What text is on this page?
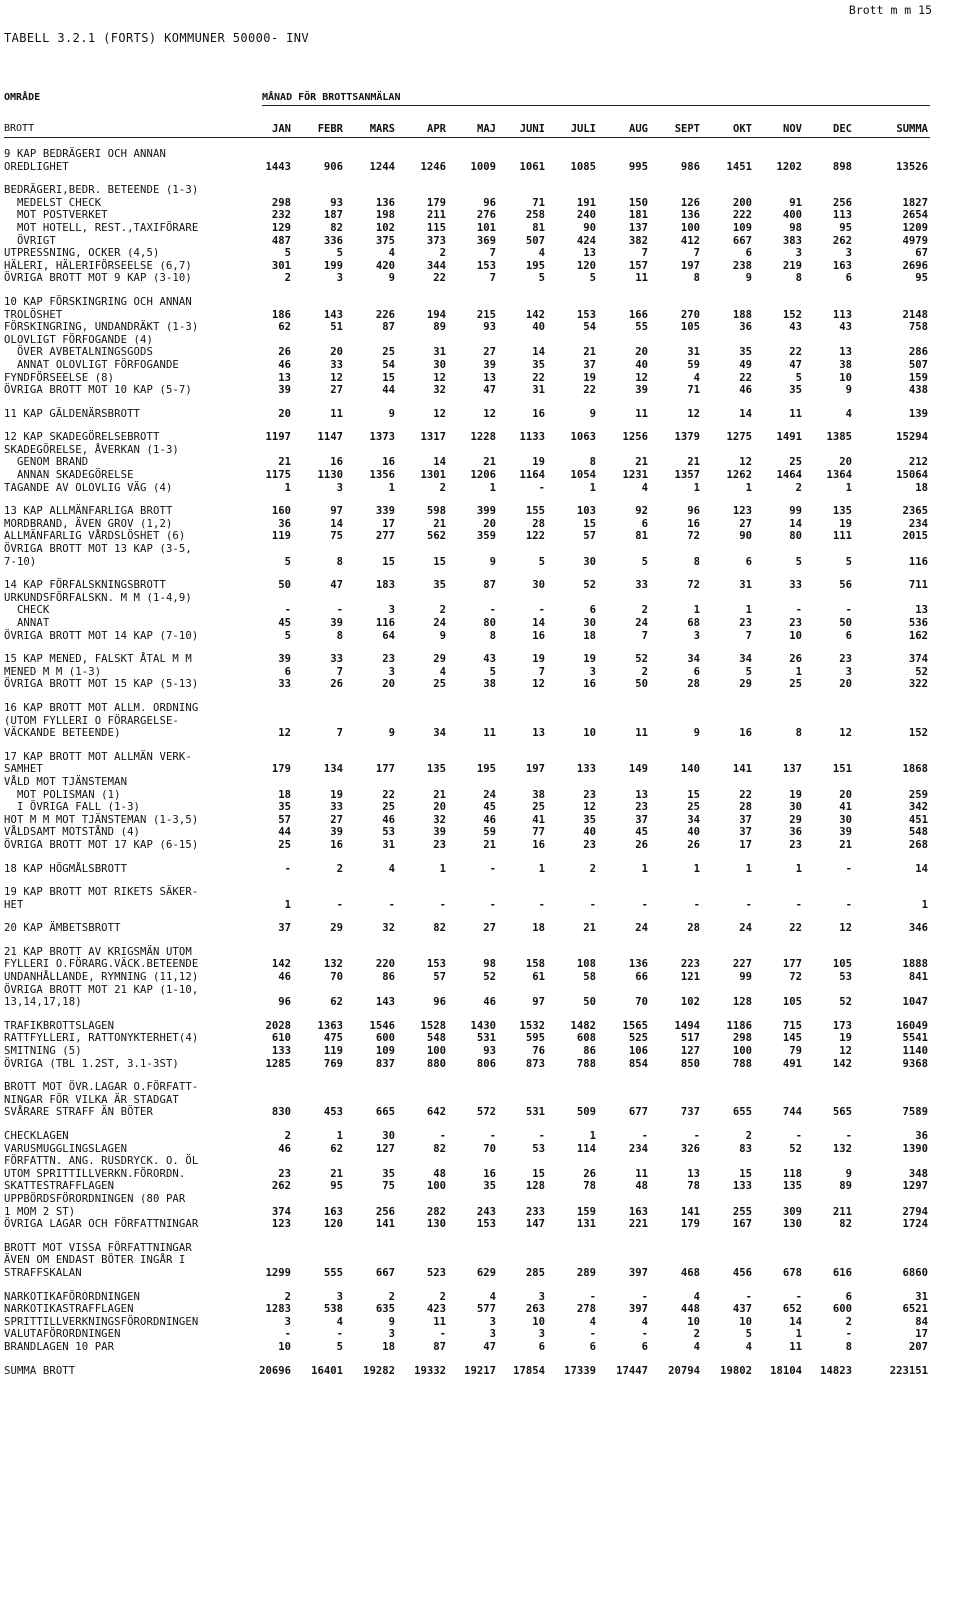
Brott m m 15
TABELL 3.2.1 (FORTS) KOMMUNER 50000- INV
OMRÅDE	MÅNAD FÖR BROTTSANMÄLAN
BROTT	JAN	FEBR	MARS	APR	MAJ	JUNI	JULI	AUG	SEPT	OKT	NOV	DEC	SUMMA
9 KAP BEDRÄGERI OCH ANNAN
OREDLIGHET	1443	906	1244	1246	1009	1061	1085	995	986	1451	1202	898	13526
BEDRÄGERI,BEDR. BETEENDE (1-3)
MEDELST CHECK	298	93	136	179	96	71	191	150	126	200	91	256	1827
MOT POSTVERKET	232	187	198	211	276	258	240	181	136	222	400	113	2654
MOT HOTELL, REST.,TAXIFÖRARE	129	82	102	115	101	81	90	137	100	109	98	95	1209
ÖVRIGT	487	336	375	373	369	507	424	382	412	667	383	262	4979
UTPRESSNING, OCKER (4,5)	5	5	4	2	7	4	13	7	7	6	3	3	67
HÄLERI, HÄLERIFÖRSEELSE (6,7)	301	199	420	344	153	195	120	157	197	238	219	163	2696
ÖVRIGA BROTT MOT 9 KAP (3-10)	2	3	9	22	7	5	5	11	8	9	8	6	95
10 KAP FÖRSKINGRING OCH ANNAN
TROLÖSHET	186	143	226	194	215	142	153	166	270	188	152	113	2148
FÖRSKINGRING, UNDANDRÄKT (1-3)	62	51	87	89	93	40	54	55	105	36	43	43	758
OLOVLIGT FÖRFOGANDE (4)
ÖVER AVBETALNINGSGODS	26	20	25	31	27	14	21	20	31	35	22	13	286
ANNAT OLOVLIGT FÖRFOGANDE	46	33	54	30	39	35	37	40	59	49	47	38	507
FYNDFÖRSEELSE (8)	13	12	15	12	13	22	19	12	4	22	5	10	159
ÖVRIGA BROTT MOT 10 KAP (5-7)	39	27	44	32	47	31	22	39	71	46	35	9	438
11 KAP GÄLDENÄRSBROTT	20	11	9	12	12	16	9	11	12	14	11	4	139
12 KAP SKADEGÖRELSEBROTT	1197	1147	1373	1317	1228	1133	1063	1256	1379	1275	1491	1385	15294
SKADEGÖRELSE, ÅVERKAN (1-3)
GENOM BRAND	21	16	16	14	21	19	8	21	21	12	25	20	212
ANNAN SKADEGÖRELSE	1175	1130	1356	1301	1206	1164	1054	1231	1357	1262	1464	1364	15064
TAGANDE AV OLOVLIG VÄG (4)	1	3	1	2	1	-	1	4	1	1	2	1	18
13 KAP ALLMÄNFARLIGA BROTT	160	97	339	598	399	155	103	92	96	123	99	135	2365
MORDBRAND, ÄVEN GROV (1,2)	36	14	17	21	20	28	15	6	16	27	14	19	234
ALLMÄNFARLIG VÅRDSLÖSHET (6)	119	75	277	562	359	122	57	81	72	90	80	111	2015
ÖVRIGA BROTT MOT 13 KAP (3-5,
7-10)	5	8	15	15	9	5	30	5	8	6	5	5	116
14 KAP FÖRFALSKNINGSBROTT	50	47	183	35	87	30	52	33	72	31	33	56	711
URKUNDSFÖRFALSKN. M M (1-4,9)
CHECK	-	-	3	2	-	-	6	2	1	1	-	-	13
ANNAT	45	39	116	24	80	14	30	24	68	23	23	50	536
ÖVRIGA BROTT MOT 14 KAP (7-10)	5	8	64	9	8	16	18	7	3	7	10	6	162
15 KAP MENED, FALSKT ÅTAL M M	39	33	23	29	43	19	19	52	34	34	26	23	374
MENED M M (1-3)	6	7	3	4	5	7	3	2	6	5	1	3	52
ÖVRIGA BROTT MOT 15 KAP (5-13)	33	26	20	25	38	12	16	50	28	29	25	20	322
16 KAP BROTT MOT ALLM. ORDNING
(UTOM FYLLERI O FÖRARGELSE-
VÄCKANDE BETEENDE)	12	7	9	34	11	13	10	11	9	16	8	12	152
17 KAP BROTT MOT ALLMÄN VERK-
SAMHET	179	134	177	135	195	197	133	149	140	141	137	151	1868
VÅLD MOT TJÄNSTEMAN
MOT POLISMAN (1)	18	19	22	21	24	38	23	13	15	22	19	20	259
I ÖVRIGA FALL (1-3)	35	33	25	20	45	25	12	23	25	28	30	41	342
HOT M M MOT TJÄNSTEMAN (1-3,5)	57	27	46	32	46	41	35	37	34	37	29	30	451
VÅLDSAMT MOTSTÅND (4)	44	39	53	39	59	77	40	45	40	37	36	39	548
ÖVRIGA BROTT MOT 17 KAP (6-15)	25	16	31	23	21	16	23	26	26	17	23	21	268
18 KAP HÖGMÅLSBROTT	-	2	4	1	-	1	2	1	1	1	1	-	14
19 KAP BROTT MOT RIKETS SÄKER-
HET	1	-	-	-	-	-	-	-	-	-	-	-	1
20 KAP ÄMBETSBROTT	37	29	32	82	27	18	21	24	28	24	22	12	346
21 KAP BROTT AV KRIGSMÄN UTOM
FYLLERI O.FÖRARG.VÄCK.BETEENDE	142	132	220	153	98	158	108	136	223	227	177	105	1888
UNDANHÅLLANDE, RYMNING (11,12)	46	70	86	57	52	61	58	66	121	99	72	53	841
ÖVRIGA BROTT MOT 21 KAP (1-10,
13,14,17,18)	96	62	143	96	46	97	50	70	102	128	105	52	1047
TRAFIKBROTTSLAGEN	2028	1363	1546	1528	1430	1532	1482	1565	1494	1186	715	173	16049
RATTFYLLERI, RATTONYKTERHET(4)	610	475	600	548	531	595	608	525	517	298	145	19	5541
SMITNING (5)	133	119	109	100	93	76	86	106	127	100	79	12	1140
ÖVRIGA (TBL 1.2ST, 3.1-3ST)	1285	769	837	880	806	873	788	854	850	788	491	142	9368
BROTT MOT ÖVR.LAGAR O.FÖRFATT-
NINGAR FÖR VILKA ÄR STADGAT
SVÅRARE STRAFF ÄN BÖTER	830	453	665	642	572	531	509	677	737	655	744	565	7589
CHECKLAGEN	2	1	30	-	-	-	1	-	-	2	-	-	36
VARUSMUGGLINGSLAGEN	46	62	127	82	70	53	114	234	326	83	52	132	1390
FÖRFATTN. ANG. RUSDRYCK. O. ÖL
UTOM SPRITTILLVERKN.FÖRORDN.	23	21	35	48	16	15	26	11	13	15	118	9	348
SKATTESTRAFFLAGEN	262	95	75	100	35	128	78	48	78	133	135	89	1297
UPPBÖRDSFÖRORDNINGEN (80 PAR
1 MOM 2 ST)	374	163	256	282	243	233	159	163	141	255	309	211	2794
ÖVRIGA LAGAR OCH FÖRFATTNINGAR	123	120	141	130	153	147	131	221	179	167	130	82	1724
BROTT MOT VISSA FÖRFATTNINGAR
ÄVEN OM ENDAST BÖTER INGÅR I
STRAFFSKALAN	1299	555	667	523	629	285	289	397	468	456	678	616	6860
NARKOTIKAFÖRORDNINGEN	2	3	2	2	4	3	-	-	4	-	-	6	31
NARKOTIKASTRAFFLAGEN	1283	538	635	423	577	263	278	397	448	437	652	600	6521
SPRITTILLVERKNINGSFÖRORDNINGEN	3	4	9	11	3	10	4	4	10	10	14	2	84
VALUTAFÖRORDNINGEN	-	-	3	-	3	3	-	-	2	5	1	-	17
BRANDLAGEN 10 PAR	10	5	18	87	47	6	6	6	4	4	11	8	207
SUMMA BROTT	20696	16401	19282	19332	19217	17854	17339	17447	20794	19802	18104	14823	223151
